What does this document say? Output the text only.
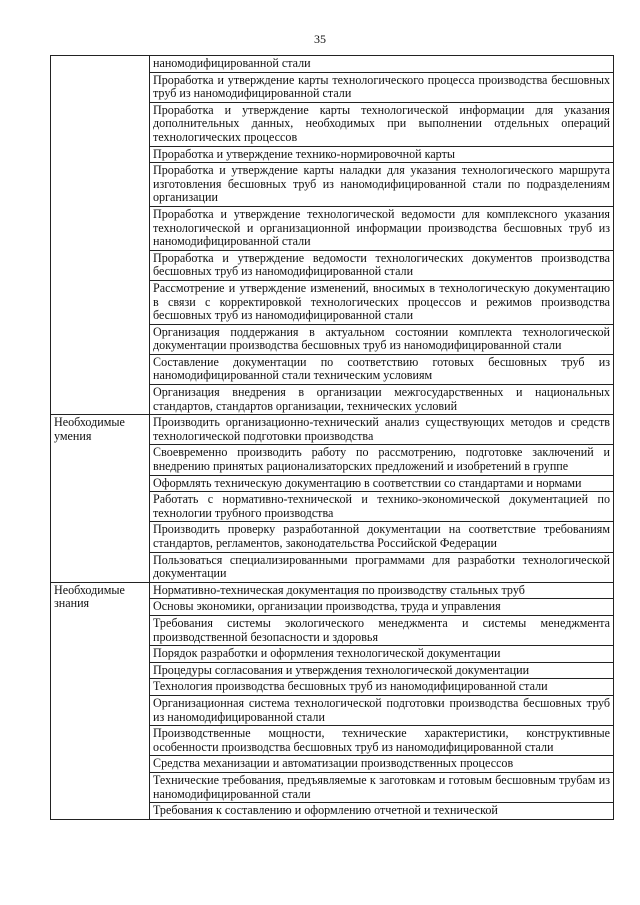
35
	наномодифицированной стали
	Проработка и утверждение карты технологического процесса производства бесшовных труб из наномодифицированной стали
	Проработка и утверждение карты технологической информации для указания дополнительных данных, необходимых при выполнении отдельных операций технологических процессов
	Проработка и утверждение технико-нормировочной карты
	Проработка и утверждение карты наладки для указания технологического маршрута изготовления бесшовных труб из наномодифицированной стали по подразделениям организации
	Проработка и утверждение технологической ведомости для комплексного указания технологической и организационной информации производства бесшовных труб из наномодифицированной стали
	Проработка и утверждение ведомости технологических документов производства бесшовных труб из наномодифицированной стали
	Рассмотрение и утверждение изменений, вносимых в технологическую документацию в связи с корректировкой технологических процессов и режимов производства бесшовных труб из наномодифицированной стали
	Организация поддержания в актуальном состоянии комплекта технологической документации производства бесшовных труб из наномодифицированной стали
	Составление документации по соответствию готовых бесшовных труб из наномодифицированной стали техническим условиям
	Организация внедрения в организации межгосударственных и национальных стандартов, стандартов организации, технических условий
Необходимые умения	Производить организационно-технический анализ существующих методов и средств технологической подготовки производства
	Своевременно производить работу по рассмотрению, подготовке заключений и внедрению принятых рационализаторских предложений и изобретений в группе
	Оформлять техническую документацию в соответствии со стандартами и нормами
	Работать с нормативно-технической и технико-экономической документацией по технологии трубного производства
	Производить проверку разработанной документации на соответствие требованиям стандартов, регламентов, законодательства Российской Федерации
	Пользоваться специализированными программами для разработки технологической документации
Необходимые знания	Нормативно-техническая документация по производству стальных труб
	Основы экономики, организации производства, труда и управления
	Требования системы экологического менеджмента и системы менеджмента производственной безопасности и здоровья
	Порядок разработки и оформления технологической документации
	Процедуры согласования и утверждения технологической документации
	Технология производства бесшовных труб из наномодифицированной стали
	Организационная система технологической подготовки производства бесшовных труб из наномодифицированной стали
	Производственные мощности, технические характеристики, конструктивные особенности производства бесшовных труб из наномодифицированной стали
	Средства механизации и автоматизации производственных процессов
	Технические требования, предъявляемые к заготовкам и готовым бесшовным трубам из наномодифицированной стали
	Требования к составлению и оформлению отчетной и технической
